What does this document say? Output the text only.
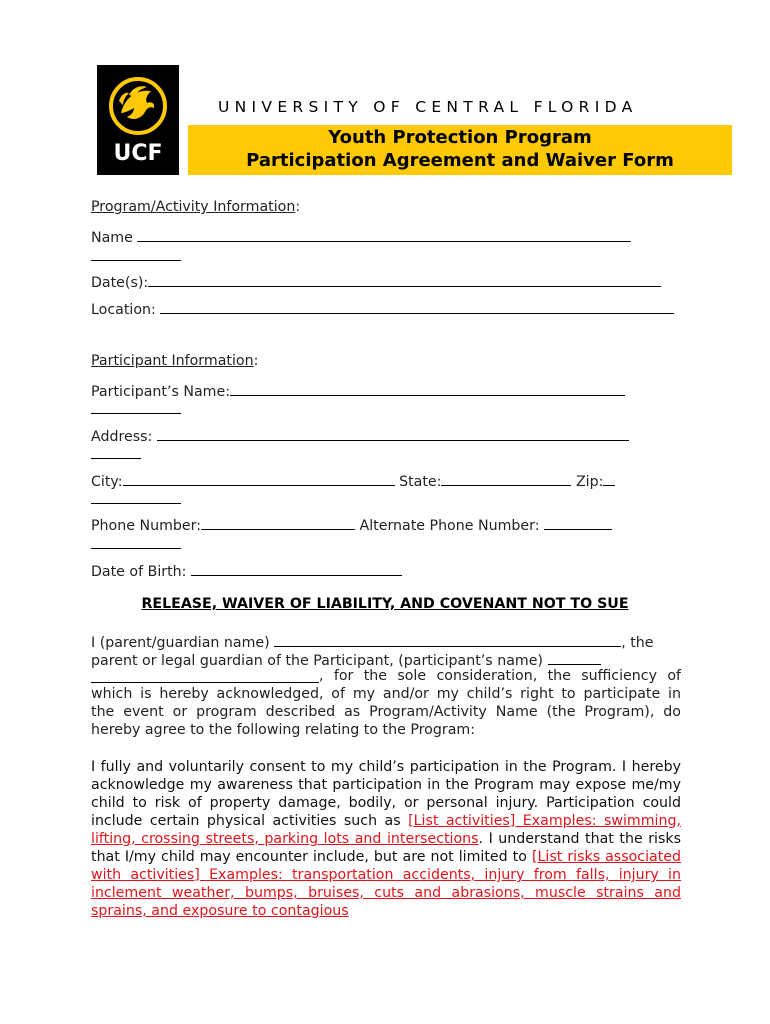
UCF
UNIVERSITY OF CENTRAL FLORIDA
Youth Protection Program
Participation Agreement and Waiver Form
Program/Activity Information:
Name
Date(s):
Location:
Participant Information:
Participant’s Name:
Address:
City:	State:	Zip:
Phone Number:	Alternate Phone Number:
Date of Birth:
RELEASE, WAIVER OF LIABILITY, AND COVENANT NOT TO SUE
I (parent/guardian name)	, the
parent or legal guardian of the Participant, (participant’s name)
, for the sole consideration, the sufficiency of
which is hereby acknowledged, of my and/or my child’s right to participate in
the event or program described as Program/Activity Name (the Program), do
hereby agree to the following relating to the Program:
I fully and voluntarily consent to my child’s participation in the Program. I hereby acknowledge my awareness that participation in the Program may expose me/my child to risk of property damage, bodily, or personal injury. Participation could include certain physical activities such as [List activities] Examples: swimming, lifting, crossing streets, parking lots and intersections. I understand that the risks that I/my child may encounter include, but are not limited to [List risks associated with activities] Examples: transportation accidents, injury from falls, injury in inclement weather, bumps, bruises, cuts and abrasions, muscle strains and sprains, and exposure to contagious
